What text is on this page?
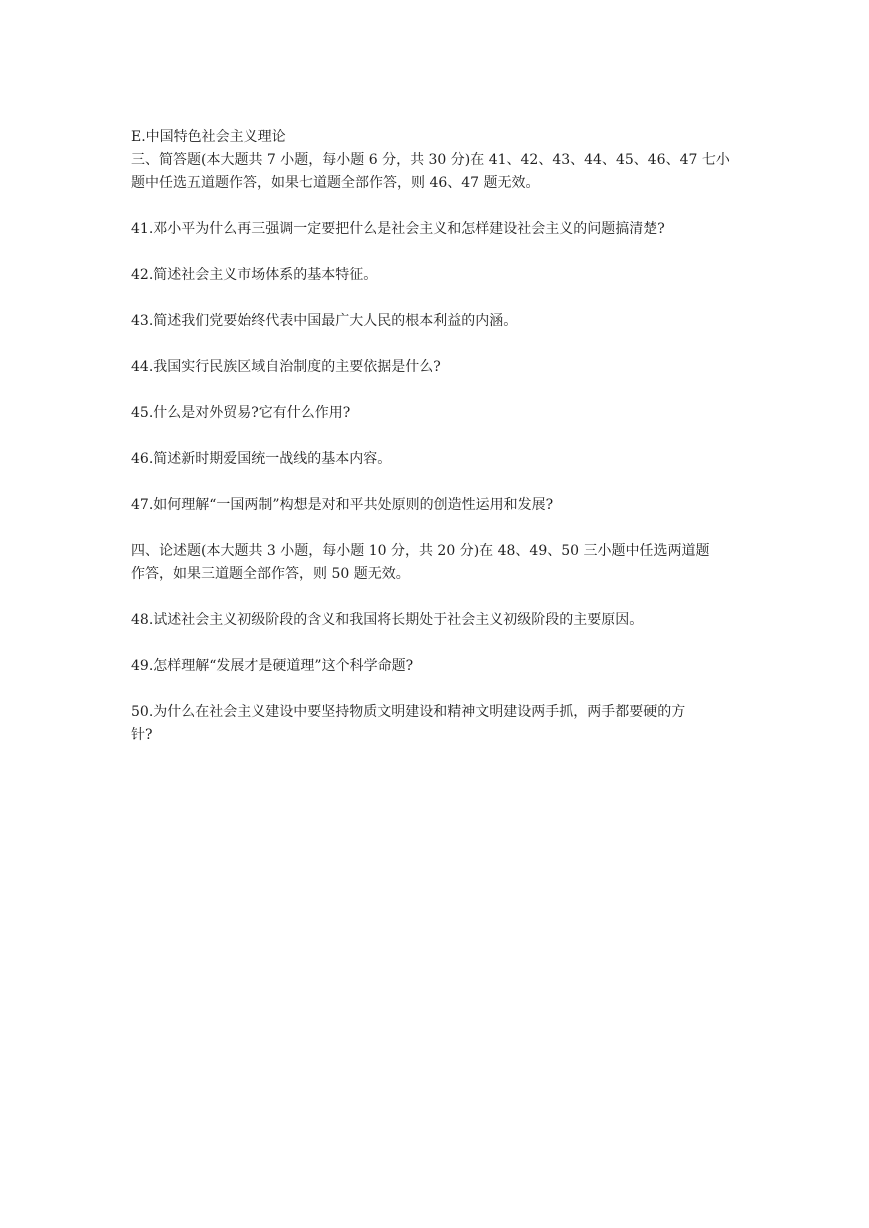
E.中国特色社会主义理论

三、简答题(本大题共 7 小题，每小题 6 分，共 30 分)在 41、42、43、44、45、46、47 七小

题中任选五道题作答，如果七道题全部作答，则 46、47 题无效。

41.邓小平为什么再三强调一定要把什么是社会主义和怎样建设社会主义的问题搞清楚?

42.简述社会主义市场体系的基本特征。

43.简述我们党要始终代表中国最广大人民的根本利益的内涵。

44.我国实行民族区域自治制度的主要依据是什么?

45.什么是对外贸易?它有什么作用?

46.简述新时期爱国统一战线的基本内容。

47.如何理解“一国两制”构想是对和平共处原则的创造性运用和发展?

四、论述题(本大题共 3 小题，每小题 10 分，共 20 分)在 48、49、50 三小题中任选两道题

作答，如果三道题全部作答，则 50 题无效。

48.试述社会主义初级阶段的含义和我国将长期处于社会主义初级阶段的主要原因。

49.怎样理解“发展才是硬道理”这个科学命题?

50.为什么在社会主义建设中要坚持物质文明建设和精神文明建设两手抓，两手都要硬的方

针?
